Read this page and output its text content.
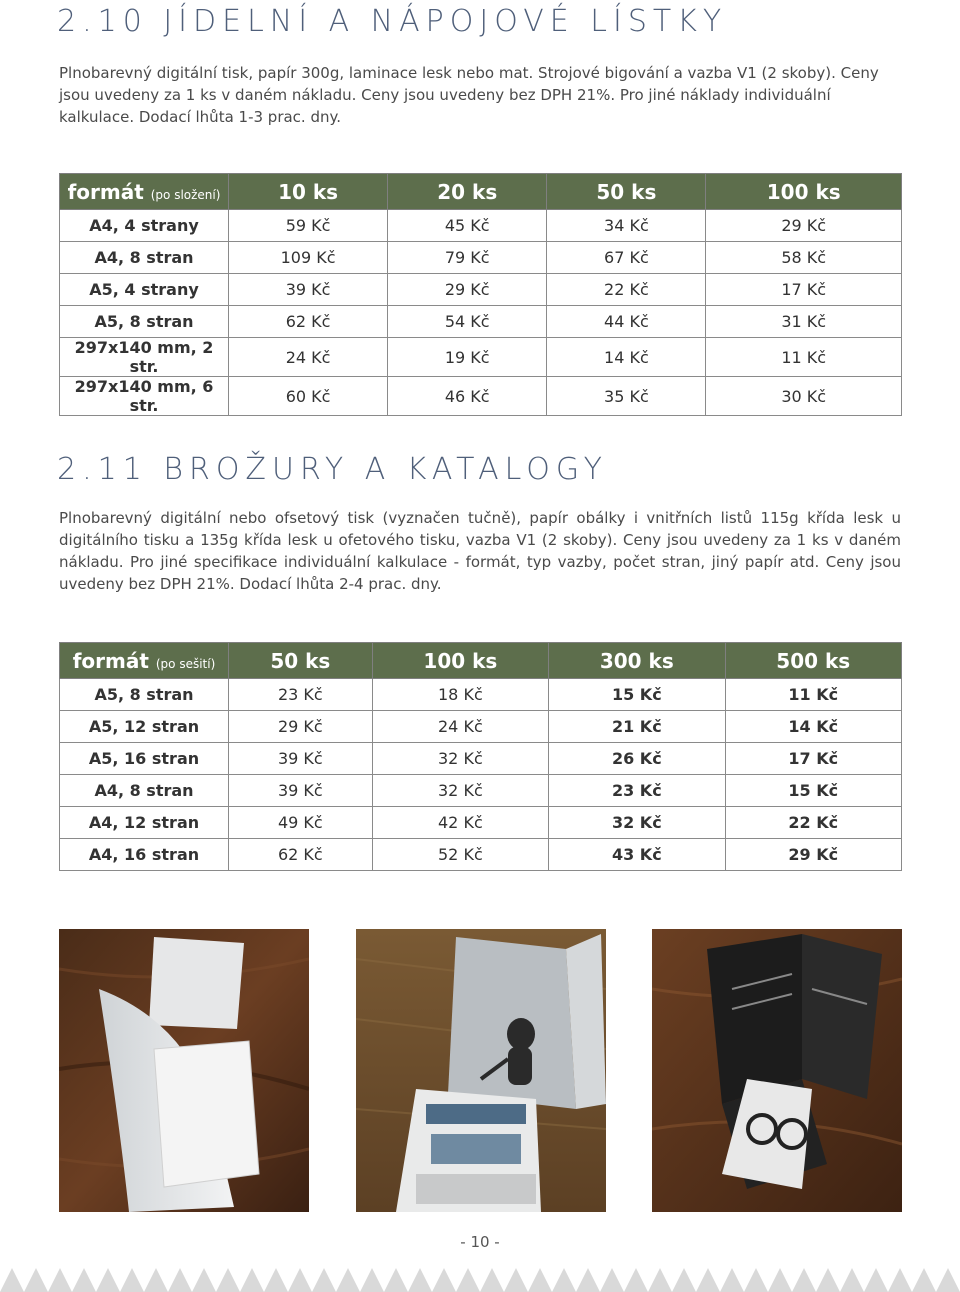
2.10 JÍDELNÍ A NÁPOJOVÉ LÍSTKY

Plnobarevný digitální tisk, papír 300g, laminace lesk nebo mat. Strojové bigování a vazba V1 (2 skoby). Ceny jsou uvedeny za 1 ks v daném nákladu. Ceny jsou uvedeny bez DPH 21%. Pro jiné náklady individuální kalkulace. Dodací lhůta 1-3 prac. dny.

formát (po složení)	10 ks	20 ks	50 ks	100 ks
A4, 4 strany	59 Kč	45 Kč	34 Kč	29 Kč
A4, 8 stran	109 Kč	79 Kč	67 Kč	58 Kč
A5, 4 strany	39 Kč	29 Kč	22 Kč	17 Kč
A5, 8 stran	62 Kč	54 Kč	44 Kč	31 Kč
297x140 mm, 2 str.	24 Kč	19 Kč	14 Kč	11 Kč
297x140 mm, 6 str.	60 Kč	46 Kč	35 Kč	30 Kč
2.11 BROŽURY A KATALOGY

Plnobarevný digitální nebo ofsetový tisk (vyznačen tučně), papír obálky i vnitřních listů 115g křída lesk u digitálního tisku a 135g křída lesk u ofetového tisku, vazba V1 (2 skoby). Ceny jsou uvedeny za 1 ks v daném nákladu. Pro jiné specifikace individuální kalkulace - formát, typ vazby, počet stran, jiný papír atd. Ceny jsou uvedeny bez DPH 21%. Dodací lhůta 2-4 prac. dny.

formát (po sešití)	50 ks	100 ks	300 ks	500 ks
A5, 8 stran	23 Kč	18 Kč	15 Kč	11 Kč
A5, 12 stran	29 Kč	24 Kč	21 Kč	14 Kč
A5, 16 stran	39 Kč	32 Kč	26 Kč	17 Kč
A4, 8 stran	39 Kč	32 Kč	23 Kč	15 Kč
A4, 12 stran	49 Kč	42 Kč	32 Kč	22 Kč
A4, 16 stran	62 Kč	52 Kč	43 Kč	29 Kč
- 10 -
